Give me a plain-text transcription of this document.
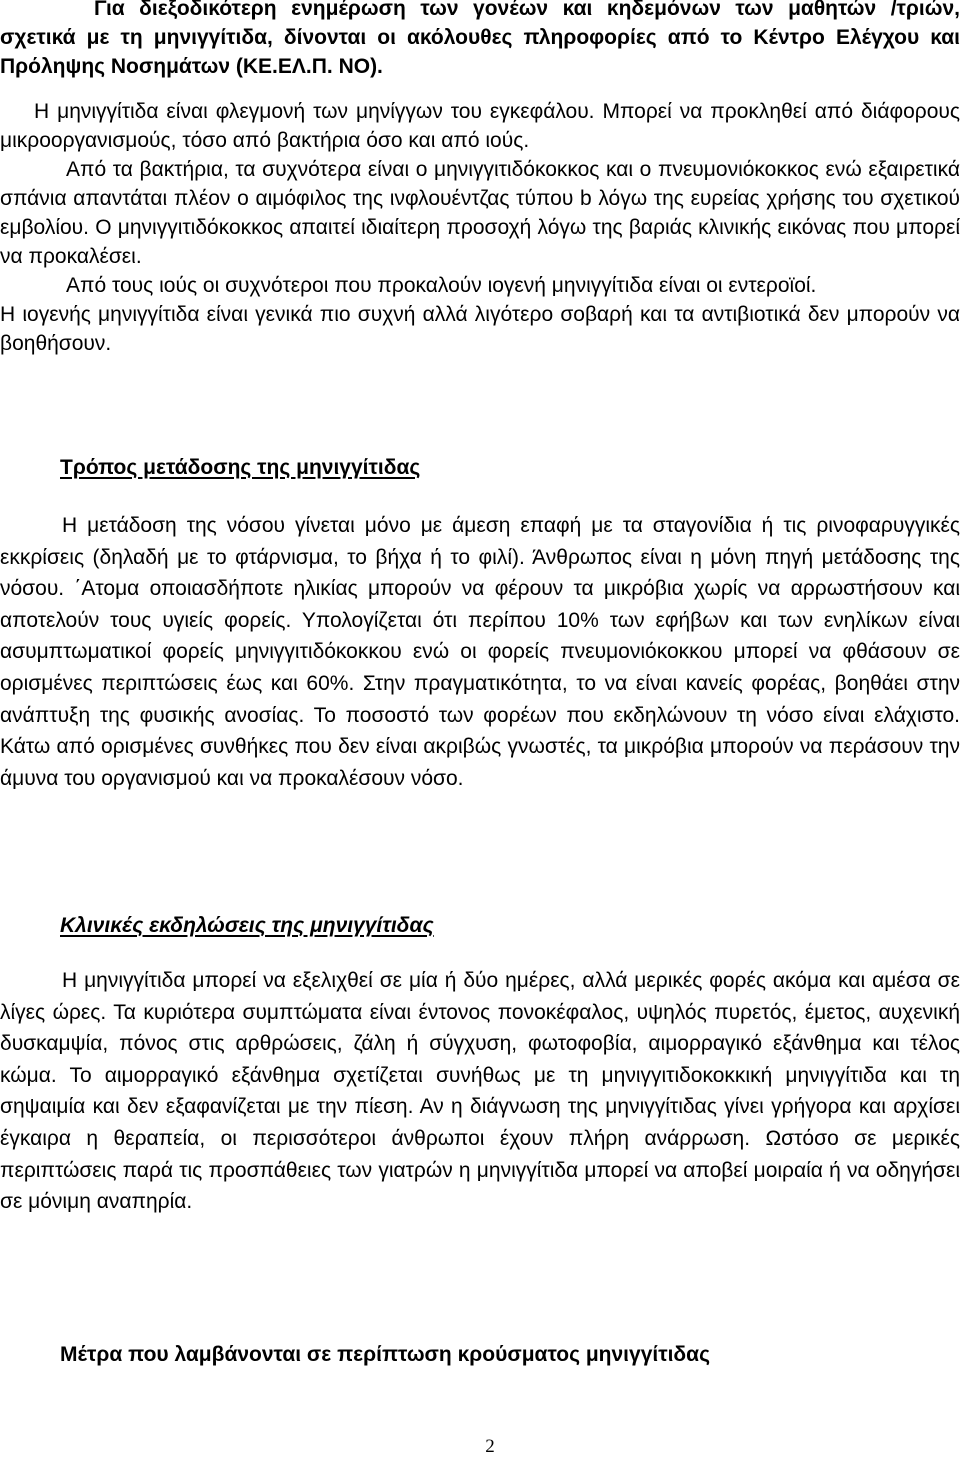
Για διεξοδικότερη ενημέρωση των γονέων και κηδεμόνων των μαθητών /τριών, σχετικά με τη μηνιγγίτιδα, δίνονται οι ακόλουθες πληροφορίες από το Κέντρο Ελέγχου και Πρόληψης Νοσημάτων (ΚΕ.ΕΛ.Π. ΝΟ).

Η μηνιγγίτιδα είναι φλεγμονή των μηνίγγων του εγκεφάλου. Μπορεί να προκληθεί από διάφορους μικροοργανισμούς, τόσο από βακτήρια όσο και από ιούς.

Από τα βακτήρια, τα συχνότερα είναι ο μηνιγγιτιδόκοκκος και ο πνευμονιόκοκκος ενώ εξαιρετικά σπάνια απαντάται πλέον ο αιμόφιλος της ινφλουέντζας τύπου b λόγω της ευρείας χρήσης του σχετικού εμβολίου. Ο μηνιγγιτιδόκοκκος απαιτεί ιδιαίτερη προσοχή λόγω της βαριάς κλινικής εικόνας που μπορεί να προκαλέσει.

Από τους ιούς οι συχνότεροι που προκαλούν ιογενή μηνιγγίτιδα είναι οι εντεροϊοί.

Η ιογενής μηνιγγίτιδα είναι γενικά πιο συχνή αλλά λιγότερο σοβαρή και τα αντιβιοτικά δεν μπορούν να βοηθήσουν.

Τρόπος μετάδοσης της μηνιγγίτιδας

Η μετάδοση της νόσου γίνεται μόνο με άμεση επαφή με τα σταγονίδια ή τις ρινοφαρυγγικές εκκρίσεις (δηλαδή με το φτάρνισμα, το βήχα ή το φιλί). Άνθρωπος είναι η μόνη πηγή μετάδοσης της νόσου. ΄Ατομα οποιασδήποτε ηλικίας μπορούν να φέρουν τα μικρόβια χωρίς να αρρωστήσουν και αποτελούν τους υγιείς φορείς. Υπολογίζεται ότι περίπου 10% των εφήβων και των ενηλίκων είναι ασυμπτωματικοί φορείς μηνιγγιτιδόκοκκου ενώ οι φορείς πνευμονιόκοκκου μπορεί να φθάσουν σε ορισμένες περιπτώσεις έως και 60%. Στην πραγματικότητα, το να είναι κανείς φορέας, βοηθάει στην ανάπτυξη της φυσικής ανοσίας. Το ποσοστό των φορέων που εκδηλώνουν τη νόσο είναι ελάχιστο. Κάτω από ορισμένες συνθήκες που δεν είναι ακριβώς γνωστές, τα μικρόβια μπορούν να περάσουν την άμυνα του οργανισμού και να προκαλέσουν νόσο.

Κλινικές εκδηλώσεις της μηνιγγίτιδας

Η μηνιγγίτιδα μπορεί να εξελιχθεί σε μία ή δύο ημέρες, αλλά μερικές φορές ακόμα και αμέσα σε λίγες ώρες. Τα κυριότερα συμπτώματα είναι έντονος πονοκέφαλος, υψηλός πυρετός, έμετος, αυχενική δυσκαμψία, πόνος στις αρθρώσεις, ζάλη ή σύγχυση, φωτοφοβία, αιμορραγικό εξάνθημα και τέλος κώμα. Το αιμορραγικό εξάνθημα σχετίζεται συνήθως με τη μηνιγγιτιδοκοκκική μηνιγγίτιδα και τη σηψαιμία και δεν εξαφανίζεται με την πίεση. Αν η διάγνωση της μηνιγγίτιδας γίνει γρήγορα και αρχίσει έγκαιρα η θεραπεία, οι περισσότεροι άνθρωποι έχουν πλήρη ανάρρωση. Ωστόσο σε μερικές περιπτώσεις παρά τις προσπάθειες των γιατρών η μηνιγγίτιδα μπορεί να αποβεί μοιραία ή να οδηγήσει σε μόνιμη αναπηρία.

Μέτρα που λαμβάνονται σε περίπτωση κρούσματος μηνιγγίτιδας
2
